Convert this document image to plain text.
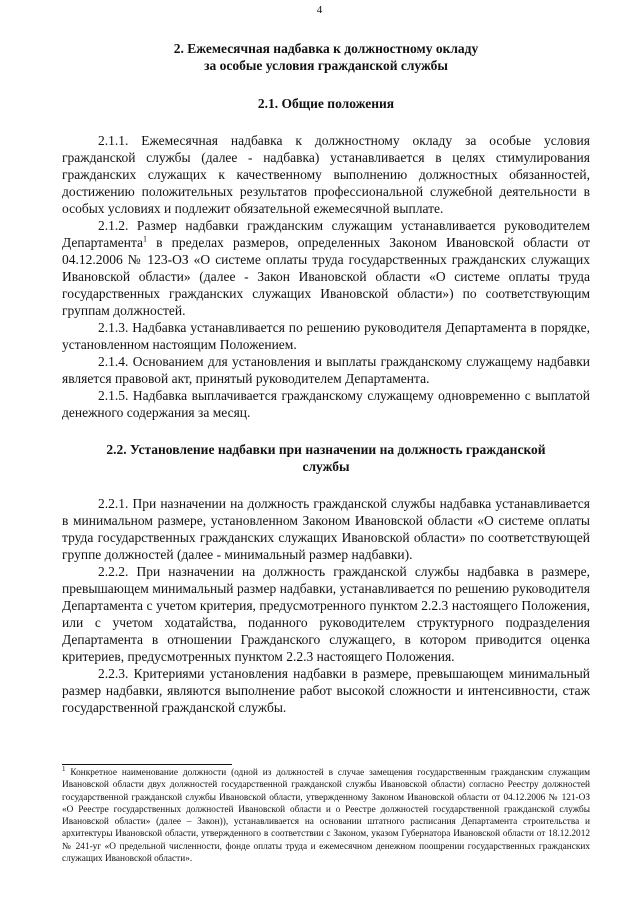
4
2. Ежемесячная надбавка к должностному окладу
за особые условия гражданской службы
2.1. Общие положения

2.1.1. Ежемесячная надбавка к должностному окладу за особые условия гражданской службы (далее - надбавка) устанавливается в целях стимулирования гражданских служащих к качественному выполнению должностных обязанностей, достижению положительных результатов профессиональной служебной деятельности в особых условиях и подлежит обязательной ежемесячной выплате.

2.1.2. Размер надбавки гражданским служащим устанавливается руководителем Департамента$^1$ в пределах размеров, определенных Законом Ивановской области от 04.12.2006 № 123-ОЗ «О системе оплаты труда государственных гражданских служащих Ивановской области» (далее - Закон Ивановской области «О системе оплаты труда государственных гражданских служащих Ивановской области») по соответствующим группам должностей.

2.1.3. Надбавка устанавливается по решению руководителя Департамента в порядке, установленном настоящим Положением.

2.1.4. Основанием для установления и выплаты гражданскому служащему надбавки является правовой акт, принятый руководителем Департамента.

2.1.5. Надбавка выплачивается гражданскому служащему одновременно с выплатой денежного содержания за месяц.

2.2. Установление надбавки при назначении на должность гражданской
службы

2.2.1. При назначении на должность гражданской службы надбавка устанавливается в минимальном размере, установленном Законом Ивановской области «О системе оплаты труда государственных гражданских служащих Ивановской области» по соответствующей группе должностей (далее - минимальный размер надбавки).

2.2.2. При назначении на должность гражданской службы надбавка в размере, превышающем минимальный размер надбавки, устанавливается по решению руководителя Департамента с учетом критерия, предусмотренного пунктом 2.2.3 настоящего Положения, или с учетом ходатайства, поданного руководителем структурного подразделения Департамента в отношении Гражданского служащего, в котором приводится оценка критериев, предусмотренных пунктом 2.2.3 настоящего Положения.

2.2.3. Критериями установления надбавки в размере, превышающем минимальный размер надбавки, являются выполнение работ высокой сложности и интенсивности, стаж государственной гражданской службы.

$^1$ Конкретное наименование должности (одной из должностей в случае замещения государственным гражданским служащим Ивановской области двух должностей государственной гражданской службы Ивановской области) согласно Реестру должностей государственной гражданской службы Ивановской области, утвержденному Законом Ивановской области от 04.12.2006 № 121-ОЗ «О Реестре государственных должностей Ивановской области и о Реестре должностей государственной гражданской службы Ивановской области» (далее – Закон)), устанавливается на основании штатного расписания Департамента строительства и архитектуры Ивановской области, утвержденного в соответствии с Законом, указом Губернатора Ивановской области от 18.12.2012 № 241-уг «О предельной численности, фонде оплаты труда и ежемесячном денежном поощрении государственных гражданских служащих Ивановской области».
